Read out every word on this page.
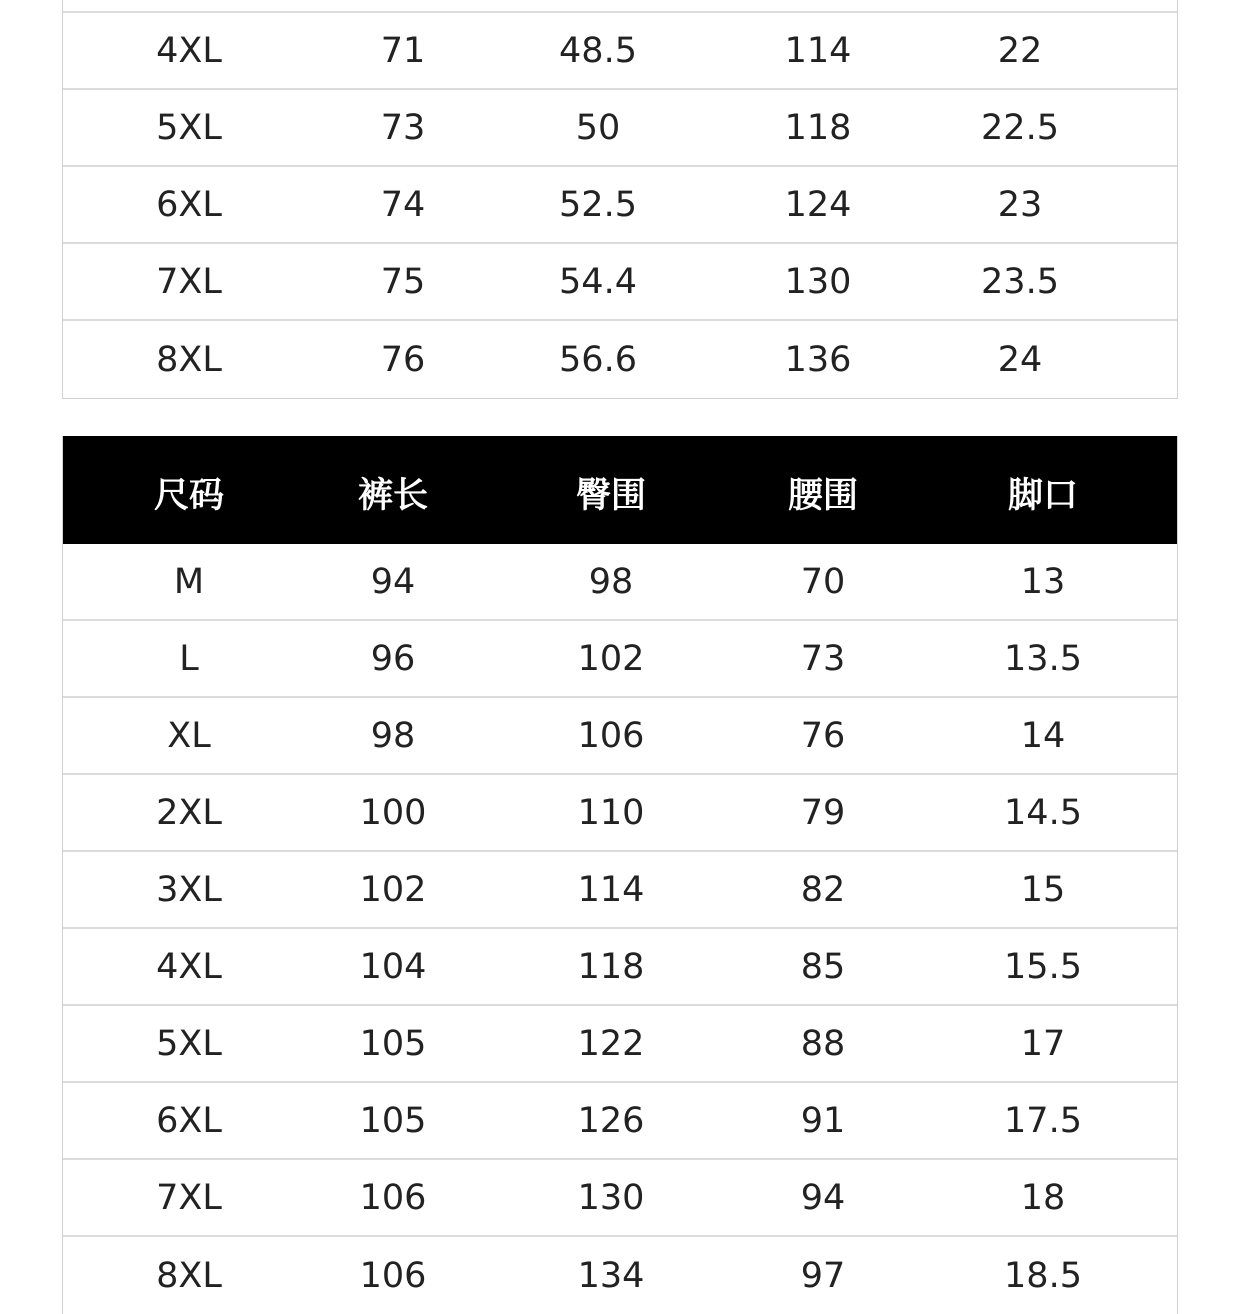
4XL	71	48.5	114	22
5XL	73	50	118	22.5
6XL	74	52.5	124	23
7XL	75	54.4	130	23.5
8XL	76	56.6	136	24
尺码	裤长	臀围	腰围	脚口
M	94	98	70	13
L	96	102	73	13.5
XL	98	106	76	14
2XL	100	110	79	14.5
3XL	102	114	82	15
4XL	104	118	85	15.5
5XL	105	122	88	17
6XL	105	126	91	17.5
7XL	106	130	94	18
8XL	106	134	97	18.5
